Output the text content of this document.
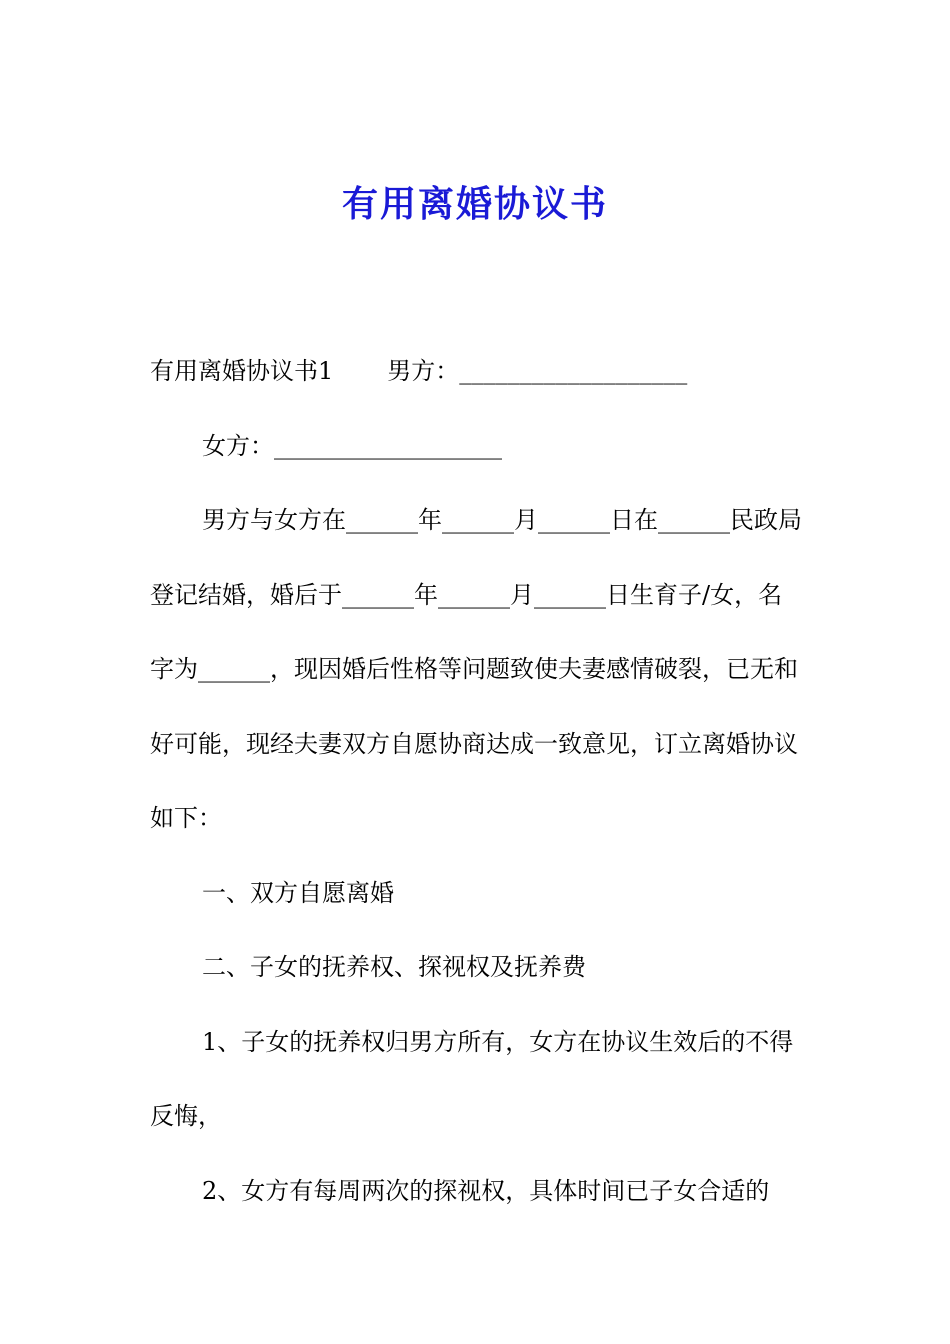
有用离婚协议书

有用离婚协议书1 男方：___________________

女方：___________________

男方与女方在______年______月______日在______民政局登记结婚，婚后于______年______月______日生育子/女，名字为______，现因婚后性格等问题致使夫妻感情破裂，已无和好可能，现经夫妻双方自愿协商达成一致意见，订立离婚协议如下：

一、双方自愿离婚

二、子女的抚养权、探视权及抚养费

1、子女的抚养权归男方所有，女方在协议生效后的不得反悔，

2、女方有每周两次的探视权，具体时间已子女合适的
